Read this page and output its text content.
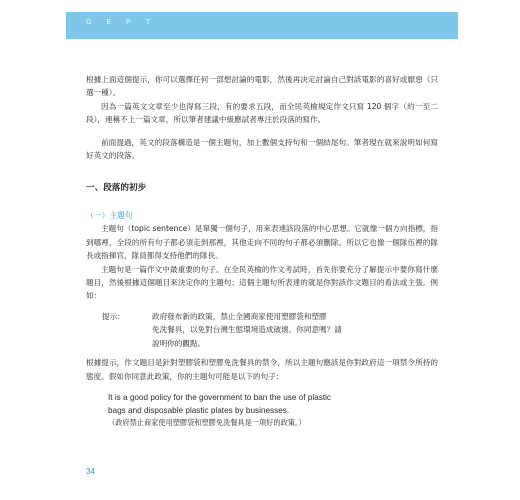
GEPT

根據上面這個提示，你可以選擇任何一部想討論的電影，然後再決定討論自己對該電影的喜好或厭惡（只選一種）。

因為一篇英文文章至少也得寫三段，有的要求五段，而全民英檢規定作文只寫 120 個字（約一至二段），連稱不上一篇文章，所以筆者建議中級應試者專注於段落的寫作。

前面提過，英文的段落構造是一個主題句，加上數個支持句和一個結尾句。筆者現在就來說明如何寫好英文的段落。

一、段落的初步
（一）主題句

主題句（topic sentence）是單獨一個句子，用來表達該段落的中心思想。它就像一個方向指標，指到哪裡，全段的所有句子都必須走到那裡，其他走向不同的句子都必須刪除。所以它也像一個隊伍裡的隊長或指揮官，隊員都得支持他們的隊長。

主題句是一篇作文中最重要的句子。在全民英檢的作文考試時，首先你要充分了解提示中要你寫什麼題目，然後根據這個題目來決定你的主題句；這個主題句所表達的就是你對該作文題目的看法或主張。例如：

提示：	政府發布新的政策，禁止全國商家使用塑膠袋和塑膠
免洗餐具，以免對台灣生態環境造成破壞。你同意嗎？請
說明你的觀點。

根據提示，作文題目是針對塑膠袋和塑膠免洗餐具的禁令，所以主題句應該是你對政府這一項禁令所持的態度。假如你同意此政策，你的主題句可能是以下的句子：

It is a good policy for the government to ban the use of plastic
bags and disposable plastic plates by businesses.
（政府禁止商家使用塑膠袋和塑膠免洗餐具是一項好的政策。）
34
